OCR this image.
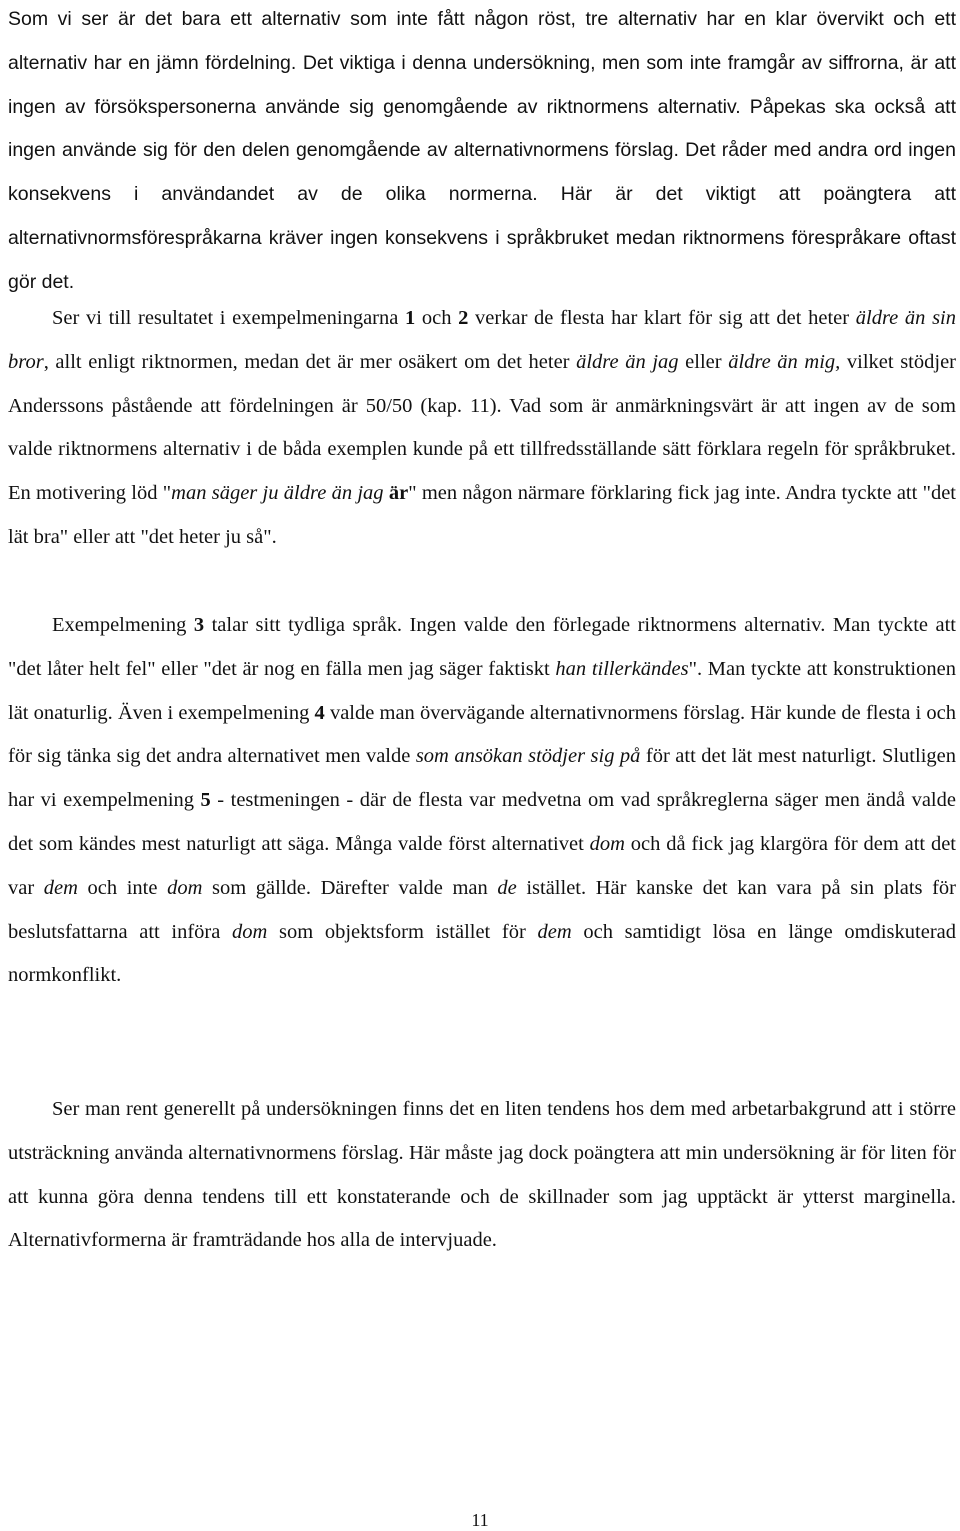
Som vi ser är det bara ett alternativ som inte fått någon röst, tre alternativ har en klar övervikt och ett alternativ har en jämn fördelning. Det viktiga i denna undersökning, men som inte framgår av siffrorna, är att ingen av försökspersonerna använde sig genomgående av riktnormens alternativ. Påpekas ska också att ingen använde sig för den delen genomgående av alternativnormens förslag. Det råder med andra ord ingen konsekvens i användandet av de olika normerna. Här är det viktigt att poängtera att alternativnormsförespråkarna kräver ingen konsekvens i språkbruket medan riktnormens förespråkare oftast gör det.

Ser vi till resultatet i exempelmeningarna 1 och 2 verkar de flesta har klart för sig att det heter äldre än sin bror, allt enligt riktnormen, medan det är mer osäkert om det heter äldre än jag eller äldre än mig, vilket stödjer Anderssons påstående att fördelningen är 50/50 (kap. 11). Vad som är anmärkningsvärt är att ingen av de som valde riktnormens alternativ i de båda exemplen kunde på ett tillfredsställande sätt förklara regeln för språkbruket. En motivering löd "man säger ju äldre än jag är" men någon närmare förklaring fick jag inte. Andra tyckte att "det lät bra" eller att "det heter ju så".

Exempelmening 3 talar sitt tydliga språk. Ingen valde den förlegade riktnormens alternativ. Man tyckte att "det låter helt fel" eller "det är nog en fälla men jag säger faktiskt han tillerkändes". Man tyckte att konstruktionen lät onaturlig. Även i exempelmening 4 valde man övervägande alternativnormens förslag. Här kunde de flesta i och för sig tänka sig det andra alternativet men valde som ansökan stödjer sig på för att det lät mest naturligt. Slutligen har vi exempelmening 5 - testmeningen - där de flesta var medvetna om vad språkreglerna säger men ändå valde det som kändes mest naturligt att säga. Många valde först alternativet dom och då fick jag klargöra för dem att det var dem och inte dom som gällde. Därefter valde man de istället. Här kanske det kan vara på sin plats för beslutsfattarna att införa dom som objektsform istället för dem och samtidigt lösa en länge omdiskuterad normkonflikt.

Ser man rent generellt på undersökningen finns det en liten tendens hos dem med arbetarbakgrund att i större utsträckning använda alternativnormens förslag. Här måste jag dock poängtera att min undersökning är för liten för att kunna göra denna tendens till ett konstaterande och de skillnader som jag upptäckt är ytterst marginella. Alternativformerna är framträdande hos alla de intervjuade.

11
